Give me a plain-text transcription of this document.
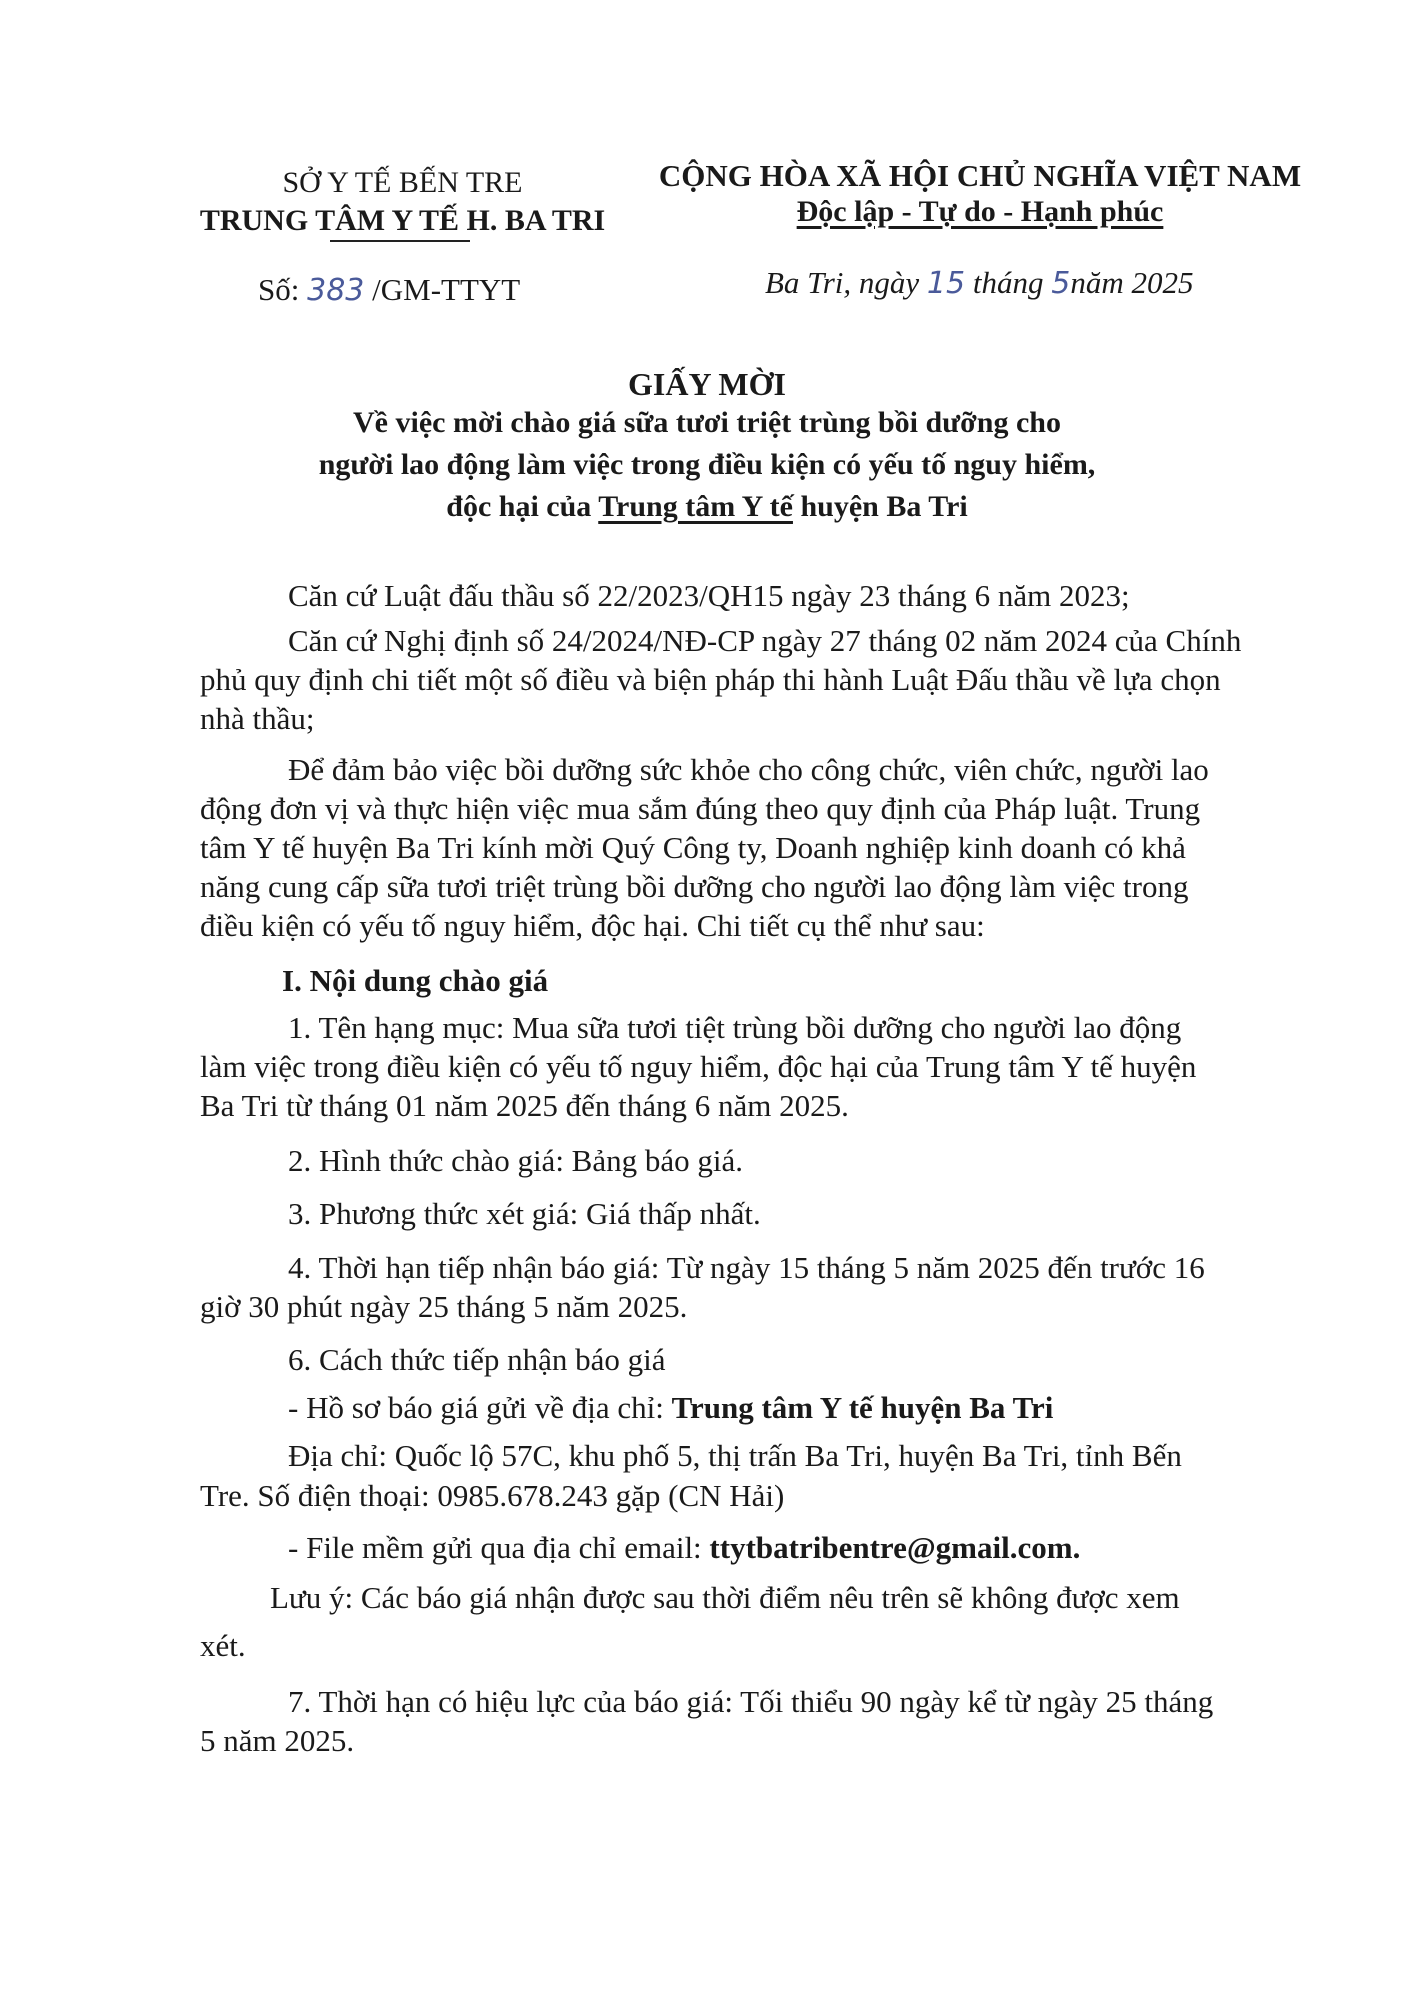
SỞ Y TẾ BẾN TRE
TRUNG TÂM Y TẾ H. BA TRI
CỘNG HÒA XÃ HỘI CHỦ NGHĨA VIỆT NAM
Độc lập - Tự do - Hạnh phúc
Số: 383 /GM-TTYT	Ba Tri, ngày 15 tháng 5năm 2025
GIẤY MỜI
Về việc mời chào giá sữa tươi triệt trùng bồi dưỡng cho
người lao động làm việc trong điều kiện có yếu tố nguy hiểm,
độc hại của Trung tâm Y tế huyện Ba Tri
Căn cứ Luật đấu thầu số 22/2023/QH15 ngày 23 tháng 6 năm 2023;
Căn cứ Nghị định số 24/2024/NĐ-CP ngày 27 tháng 02 năm 2024 của Chính
phủ quy định chi tiết một số điều và biện pháp thi hành Luật Đấu thầu về lựa chọn
nhà thầu;
Để đảm bảo việc bồi dưỡng sức khỏe cho công chức, viên chức, người lao
động đơn vị và thực hiện việc mua sắm đúng theo quy định của Pháp luật. Trung
tâm Y tế huyện Ba Tri kính mời Quý Công ty, Doanh nghiệp kinh doanh có khả
năng cung cấp sữa tươi triệt trùng bồi dưỡng cho người lao động làm việc trong
điều kiện có yếu tố nguy hiểm, độc hại. Chi tiết cụ thể như sau:
I. Nội dung chào giá
1. Tên hạng mục: Mua sữa tươi tiệt trùng bồi dưỡng cho người lao động
làm việc trong điều kiện có yếu tố nguy hiểm, độc hại của Trung tâm Y tế huyện
Ba Tri từ tháng 01 năm 2025 đến tháng 6 năm 2025.
2. Hình thức chào giá: Bảng báo giá.
3. Phương thức xét giá: Giá thấp nhất.
4. Thời hạn tiếp nhận báo giá: Từ ngày 15 tháng 5 năm 2025 đến trước 16
giờ 30 phút ngày 25 tháng 5 năm 2025.
6. Cách thức tiếp nhận báo giá
- Hồ sơ báo giá gửi về địa chỉ: Trung tâm Y tế huyện Ba Tri
Địa chỉ: Quốc lộ 57C, khu phố 5, thị trấn Ba Tri, huyện Ba Tri, tỉnh Bến
Tre. Số điện thoại: 0985.678.243 gặp (CN Hải)
- File mềm gửi qua địa chỉ email: ttytbatribentre@gmail.com.
Lưu ý: Các báo giá nhận được sau thời điểm nêu trên sẽ không được xem
xét.
7. Thời hạn có hiệu lực của báo giá: Tối thiểu 90 ngày kể từ ngày 25 tháng
5 năm 2025.
